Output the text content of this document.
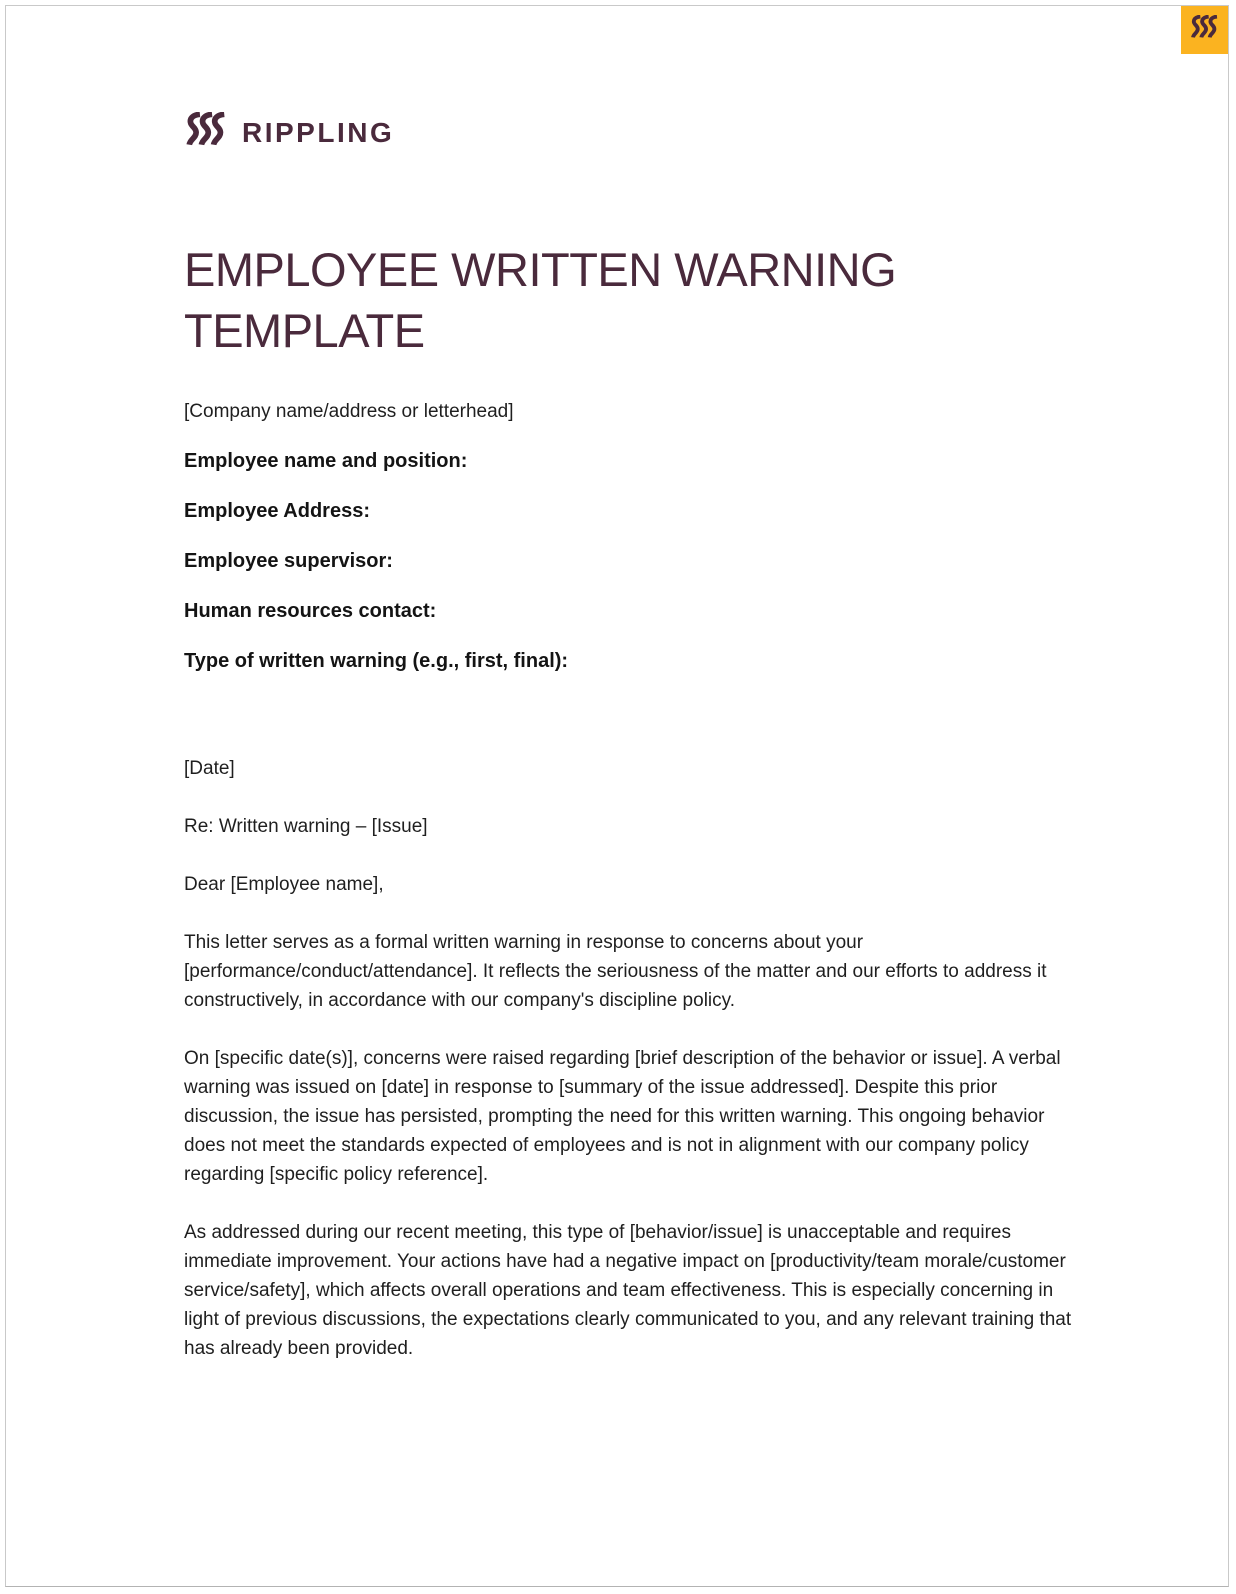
RIPPLING
EMPLOYEE WRITTEN WARNING TEMPLATE

[Company name/address or letterhead]

Employee name and position:

Employee Address:

Employee supervisor:

Human resources contact:

Type of written warning (e.g., first, final):

[Date]

Re: Written warning – [Issue]

Dear [Employee name],

This letter serves as a formal written warning in response to concerns about your [performance/conduct/attendance]. It reflects the seriousness of the matter and our efforts to address it constructively, in accordance with our company's discipline policy.

On [specific date(s)], concerns were raised regarding [brief description of the behavior or issue]. A verbal warning was issued on [date] in response to [summary of the issue addressed]. Despite this prior discussion, the issue has persisted, prompting the need for this written warning. This ongoing behavior does not meet the standards expected of employees and is not in alignment with our company policy regarding [specific policy reference].

As addressed during our recent meeting, this type of [behavior/issue] is unacceptable and requires immediate improvement. Your actions have had a negative impact on [productivity/team morale/customer service/safety], which affects overall operations and team effectiveness. This is especially concerning in light of previous discussions, the expectations clearly communicated to you, and any relevant training that has already been provided.
